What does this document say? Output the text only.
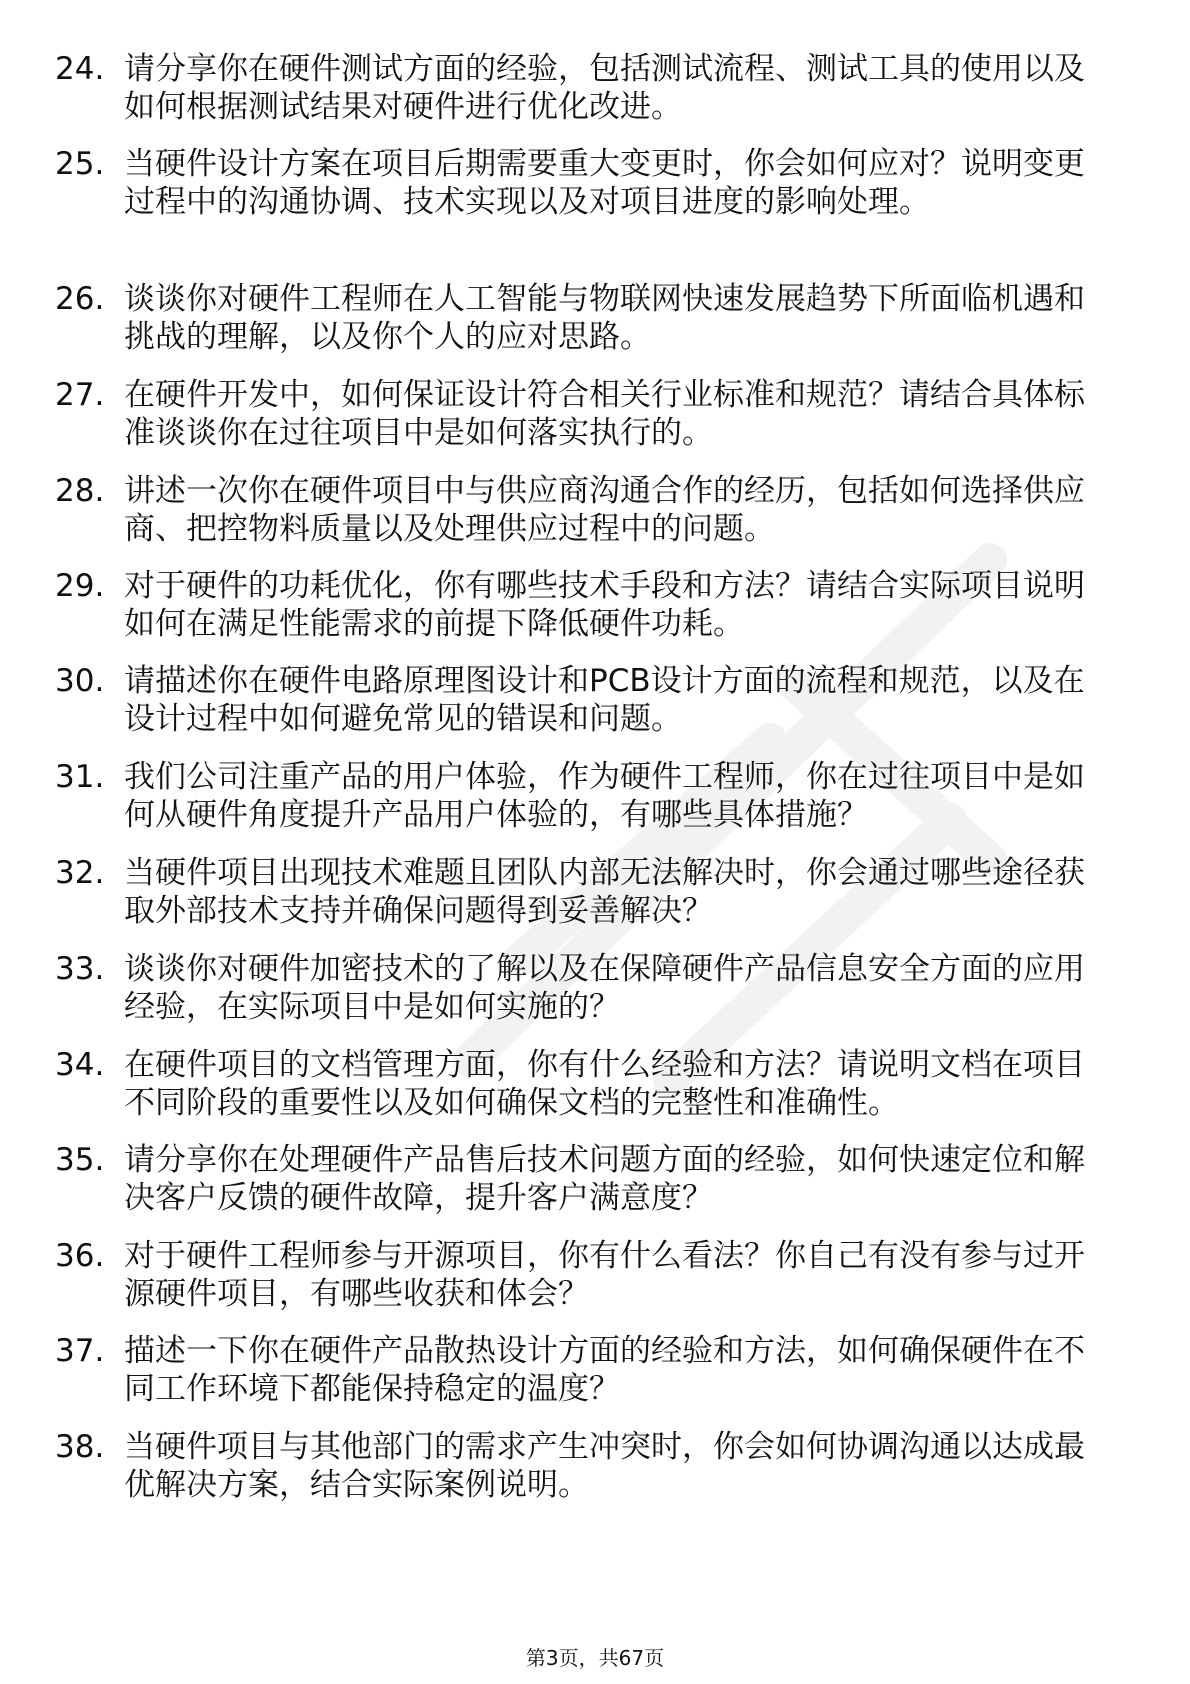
24. 请分享你在硬件测试方面的经验，包括测试流程、测试工具的使用以及如何根据测试结果对硬件进行优化改进。
25. 当硬件设计方案在项目后期需要重大变更时，你会如何应对？说明变更过程中的沟通协调、技术实现以及对项目进度的影响处理。
26. 谈谈你对硬件工程师在人工智能与物联网快速发展趋势下所面临机遇和挑战的理解，以及你个人的应对思路。
27. 在硬件开发中，如何保证设计符合相关行业标准和规范？请结合具体标准谈谈你在过往项目中是如何落实执行的。
28. 讲述一次你在硬件项目中与供应商沟通合作的经历，包括如何选择供应商、把控物料质量以及处理供应过程中的问题。
29. 对于硬件的功耗优化，你有哪些技术手段和方法？请结合实际项目说明如何在满足性能需求的前提下降低硬件功耗。
30. 请描述你在硬件电路原理图设计和PCB设计方面的流程和规范，以及在设计过程中如何避免常见的错误和问题。
31. 我们公司注重产品的用户体验，作为硬件工程师，你在过往项目中是如何从硬件角度提升产品用户体验的，有哪些具体措施？
32. 当硬件项目出现技术难题且团队内部无法解决时，你会通过哪些途径获取外部技术支持并确保问题得到妥善解决？
33. 谈谈你对硬件加密技术的了解以及在保障硬件产品信息安全方面的应用经验，在实际项目中是如何实施的？
34. 在硬件项目的文档管理方面，你有什么经验和方法？请说明文档在项目不同阶段的重要性以及如何确保文档的完整性和准确性。
35. 请分享你在处理硬件产品售后技术问题方面的经验，如何快速定位和解决客户反馈的硬件故障，提升客户满意度？
36. 对于硬件工程师参与开源项目，你有什么看法？你自己有没有参与过开源硬件项目，有哪些收获和体会？
37. 描述一下你在硬件产品散热设计方面的经验和方法，如何确保硬件在不同工作环境下都能保持稳定的温度？
38. 当硬件项目与其他部门的需求产生冲突时，你会如何协调沟通以达成最优解决方案，结合实际案例说明。
第3页，共67页
